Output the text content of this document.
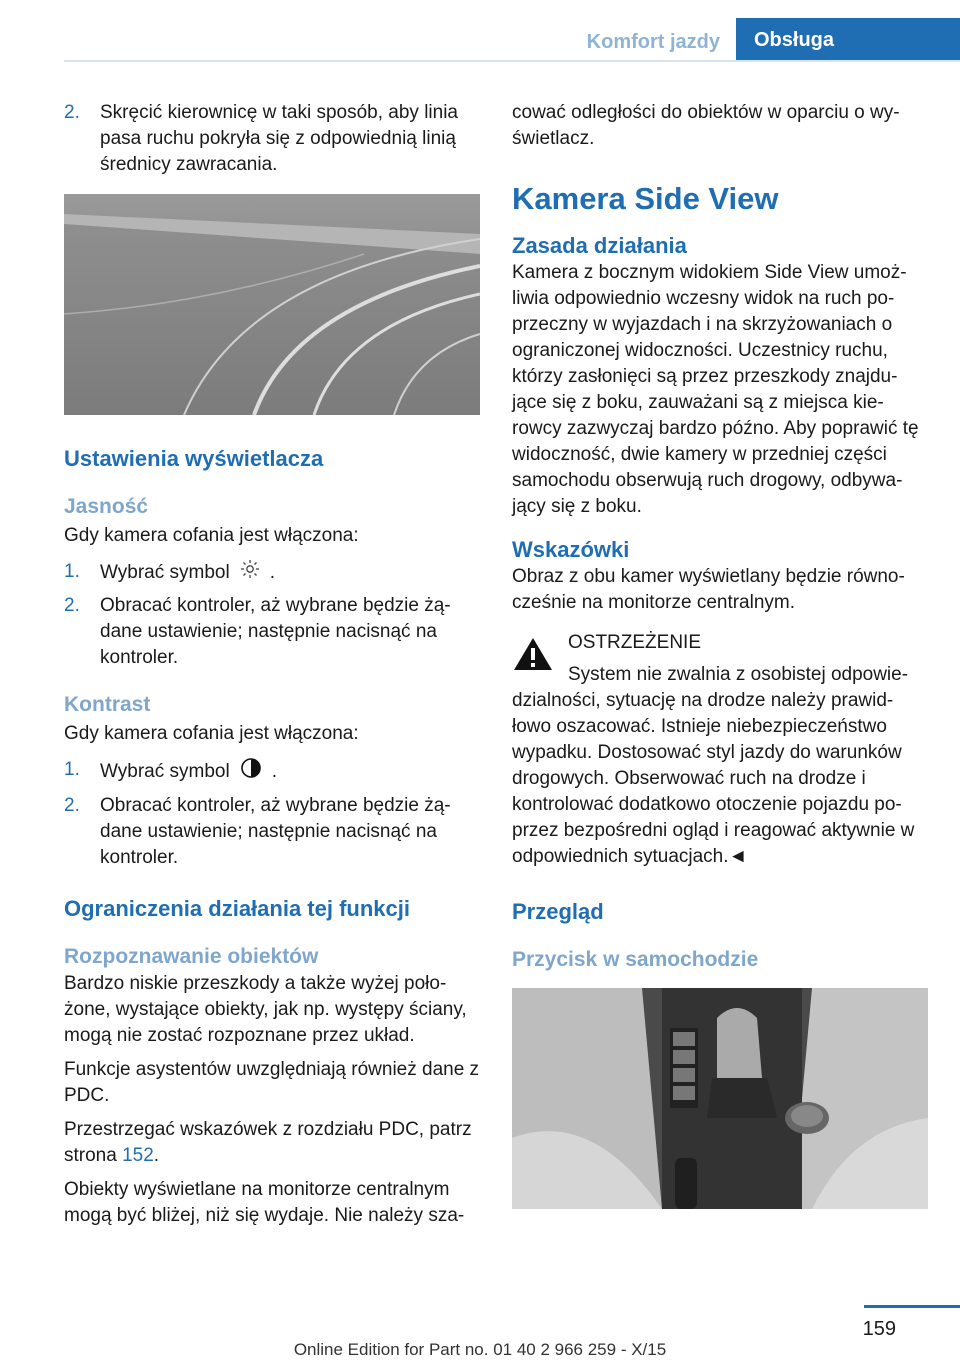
Komfort jazdy	Obsługa
2. Skręcić kierownicę w taki sposób, aby linia pasa ruchu pokryła się z odpowiednią linią średnicy zawracania.
Ustawienia wyświetlacza
Jasność
Gdy kamera cofania jest włączona:
1. Wybrać symbol .
2. Obracać kontroler, aż wybrane będzie żą‐dane ustawienie; następnie nacisnąć na kontroler.
Kontrast
Gdy kamera cofania jest włączona:
1. Wybrać symbol .
2. Obracać kontroler, aż wybrane będzie żą‐dane ustawienie; następnie nacisnąć na kontroler.
Ograniczenia działania tej funkcji
Rozpoznawanie obiektów
Bardzo niskie przeszkody a także wyżej poło‐żone, wystające obiekty, jak np. występy ściany, mogą nie zostać rozpoznane przez układ.
Funkcje asystentów uwzględniają również dane z PDC.
Przestrzegać wskazówek z rozdziału PDC, patrz strona 152.
Obiekty wyświetlane na monitorze centralnym mogą być bliżej, niż się wydaje. Nie należy sza‐
cować odległości do obiektów w oparciu o wy‐świetlacz.
Kamera Side View
Zasada działania
Kamera z bocznym widokiem Side View umoż‐liwia odpowiednio wczesny widok na ruch po‐przeczny w wyjazdach i na skrzyżowaniach o ograniczonej widoczności. Uczestnicy ruchu, którzy zasłonięci są przez przeszkody znajdu‐jące się z boku, zauważani są z miejsca kie‐rowcy zazwyczaj bardzo późno. Aby poprawić tę widoczność, dwie kamery w przedniej części samochodu obserwują ruch drogowy, odbywa‐jący się z boku.
Wskazówki
Obraz z obu kamer wyświetlany będzie równo‐cześnie na monitorze centralnym.
OSTRZEŻENIE
System nie zwalnia z osobistej odpowie‐
dzialności, sytuację na drodze należy prawid‐łowo oszacować. Istnieje niebezpieczeństwo wypadku. Dostosować styl jazdy do warunków drogowych. Obserwować ruch na drodze i kontrolować dodatkowo otoczenie pojazdu po‐przez bezpośredni ogląd i reagować aktywnie w odpowiednich sytuacjach.◄
Przegląd
Przycisk w samochodzie
159
Online Edition for Part no. 01 40 2 966 259 - X/15
